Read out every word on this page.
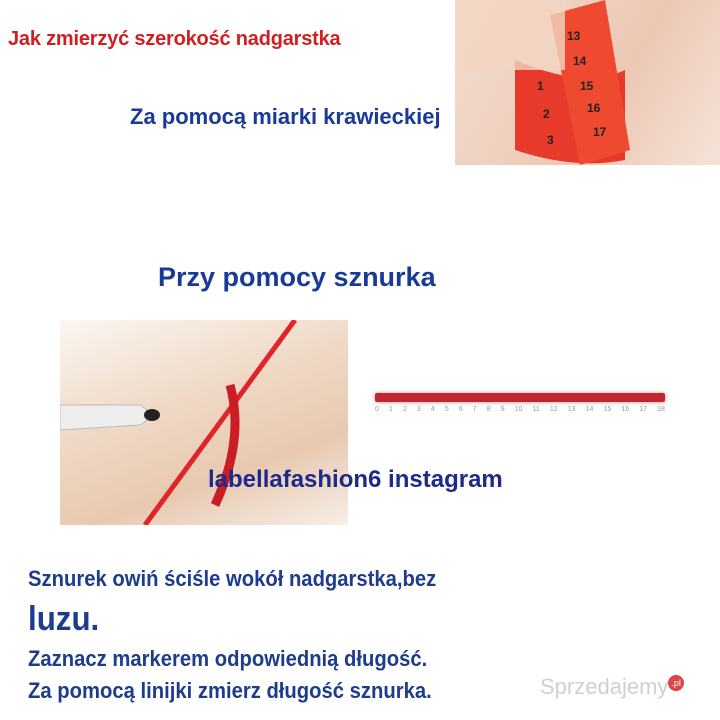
Jak zmierzyć szerokość nadgarstka	13
14
15
16
17
1
2
3
Za pomocą miarki krawieckiej
Przy pomocy sznurka
0 1 2 3 4 5 6 7 8 9 10 11 12 13 14 15 16 17 18
labellafashion6 instagram
Sznurek owiń ściśle wokół nadgarstka,bez
luzu.
Zaznacz markerem odpowiednią długość.
Za pomocą linijki zmierz długość sznurka.	Sprzedajemy $^{.pl}$
